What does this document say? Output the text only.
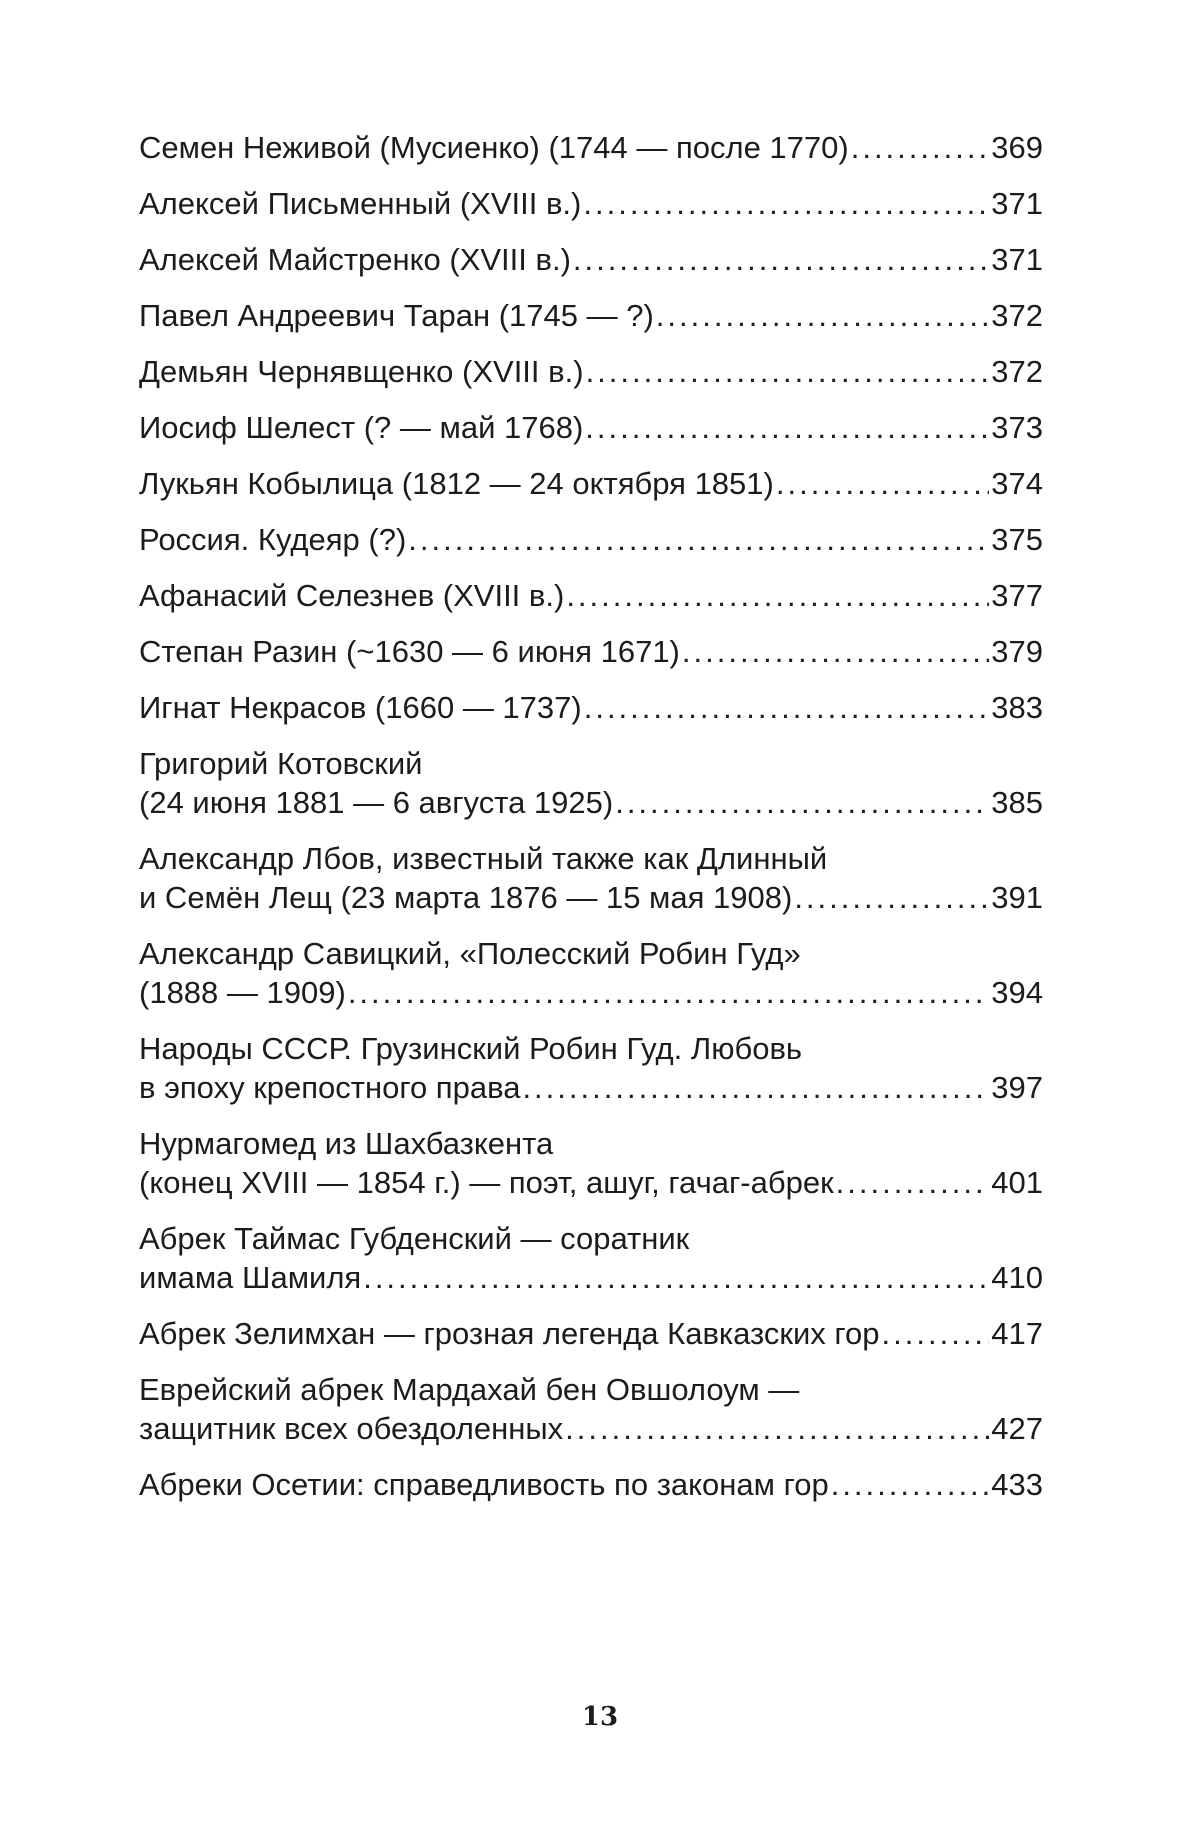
Семен Неживой (Мусиенко) (1744 — после 1770) .....	369
Алексей Письменный (XVIII в.) .....	371
Алексей Майстренко (XVIII в.) .....	371
Павел Андреевич Таран (1745 — ?) .....	372
Демьян Чернявщенко (XVIII в.) .....	372
Иосиф Шелест (? — май 1768) .....	373
Лукьян Кобылица (1812 — 24 октября 1851) .....	374
Россия. Кудеяр (?) .....	375
Афанасий Селезнев (XVIII в.) .....	377
Степан Разин (~1630 — 6 июня 1671) .....	379
Игнат Некрасов (1660 — 1737) .....	383
Григорий Котовский
(24 июня 1881 — 6 августа 1925) .....	385
Александр Лбов, известный также как Длинный
и Семён Лещ (23 марта 1876 — 15 мая 1908) .....	391
Александр Савицкий, «Полесский Робин Гуд»
(1888 — 1909) .....	394
Народы СССР. Грузинский Робин Гуд. Любовь
в эпоху крепостного права .....	397
Нурмагомед из Шахбазкента
(конец XVIII — 1854 г.) — поэт, ашуг, гачаг-абрек .....	401
Абрек Таймас Губденский — соратник
имама Шамиля .....	410
Абрек Зелимхан — грозная легенда Кавказских гор .....	417
Еврейский абрек Мардахай бен Овшолоум —
защитник всех обездоленных .....	427
Абреки Осетии: справедливость по законам гор .....	433
13
